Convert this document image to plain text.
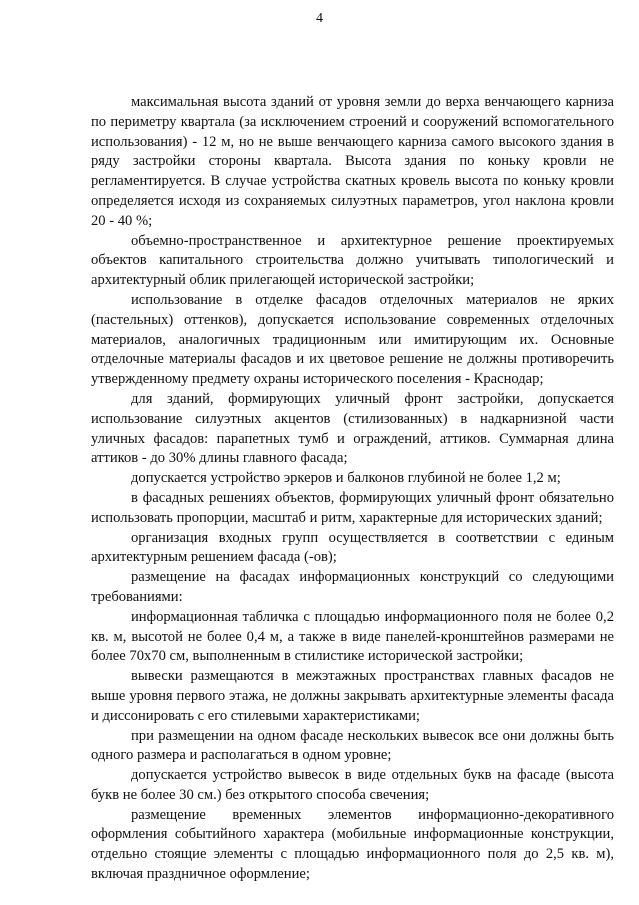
4

максимальная высота зданий от уровня земли до верха венчающего карниза по периметру квартала (за исключением строений и сооружений вспомогательного использования) - 12 м, но не выше венчающего карниза самого высокого здания в ряду застройки стороны квартала. Высота здания по коньку кровли не регламентируется. В случае устройства скатных кровель высота по коньку кровли определяется исходя из сохраняемых силуэтных параметров, угол наклона кровли 20 - 40 %;

объемно-пространственное и архитектурное решение проектируемых объектов капитального строительства должно учитывать типологический и архитектурный облик прилегающей исторической застройки;

использование в отделке фасадов отделочных материалов не ярких (пастельных) оттенков), допускается использование современных отделочных материалов, аналогичных традиционным или имитирующим их. Основные отделочные материалы фасадов и их цветовое решение не должны противоречить утвержденному предмету охраны исторического поселения - Краснодар;

для зданий, формирующих уличный фронт застройки, допускается использование силуэтных акцентов (стилизованных) в надкарнизной части уличных фасадов: парапетных тумб и ограждений, аттиков. Суммарная длина аттиков - до 30% длины главного фасада;

допускается устройство эркеров и балконов глубиной не более 1,2 м;

в фасадных решениях объектов, формирующих уличный фронт обязательно использовать пропорции, масштаб и ритм, характерные для исторических зданий;

организация входных групп осуществляется в соответствии с единым архитектурным решением фасада (-ов);

размещение на фасадах информационных конструкций со следующими требованиями:

информационная табличка с площадью информационного поля не более 0,2 кв. м, высотой не более 0,4 м, а также в виде панелей-кронштейнов размерами не более 70x70 см, выполненным в стилистике исторической застройки;

вывески размещаются в межэтажных пространствах главных фасадов не выше уровня первого этажа, не должны закрывать архитектурные элементы фасада и диссонировать с его стилевыми характеристиками;

при размещении на одном фасаде нескольких вывесок все они должны быть одного размера и располагаться в одном уровне;

допускается устройство вывесок в виде отдельных букв на фасаде (высота букв не более 30 см.) без открытого способа свечения;

размещение временных элементов информационно-декоративного оформления событийного характера (мобильные информационные конструкции, отдельно стоящие элементы с площадью информационного поля до 2,5 кв. м), включая праздничное оформление;
